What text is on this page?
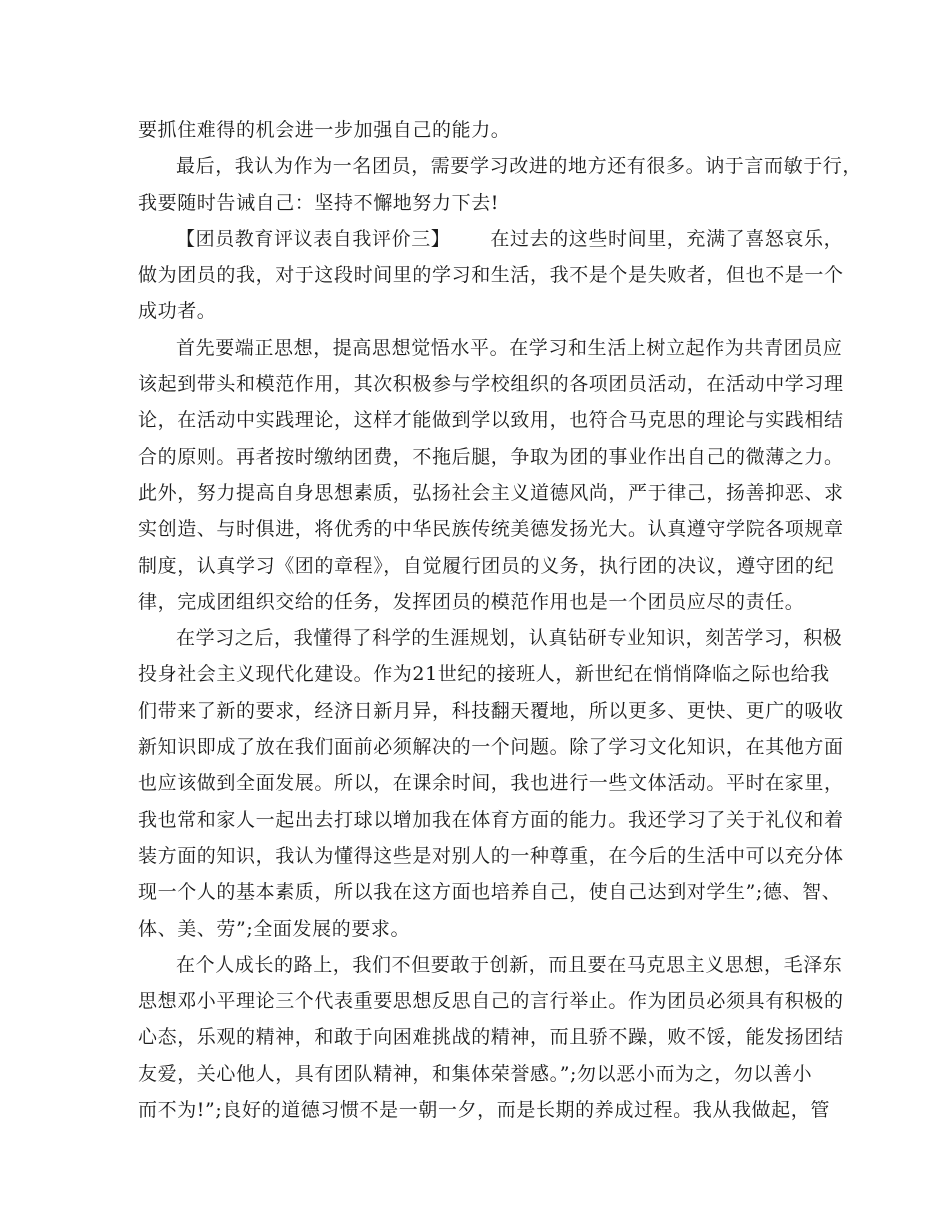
要抓住难得的机会进一步加强自己的能力。
最后，我认为作为一名团员，需要学习改进的地方还有很多。讷于言而敏于行，
我要随时告诫自己：坚持不懈地努力下去!
【团员教育评议表自我评价三】 在过去的这些时间里，充满了喜怒哀乐，
做为团员的我，对于这段时间里的学习和生活，我不是个是失败者，但也不是一个
成功者。
首先要端正思想，提高思想觉悟水平。在学习和生活上树立起作为共青团员应
该起到带头和模范作用，其次积极参与学校组织的各项团员活动，在活动中学习理
论，在活动中实践理论，这样才能做到学以致用，也符合马克思的理论与实践相结
合的原则。再者按时缴纳团费，不拖后腿，争取为团的事业作出自己的微薄之力。
此外，努力提高自身思想素质，弘扬社会主义道德风尚，严于律己，扬善抑恶、求
实创造、与时俱进，将优秀的中华民族传统美德发扬光大。认真遵守学院各项规章
制度，认真学习《团的章程》，自觉履行团员的义务，执行团的决议，遵守团的纪
律，完成团组织交给的任务，发挥团员的模范作用也是一个团员应尽的责任。
在学习之后，我懂得了科学的生涯规划，认真钻研专业知识，刻苦学习，积极
投身社会主义现代化建设。作为21世纪的接班人，新世纪在悄悄降临之际也给我
们带来了新的要求，经济日新月异，科技翻天覆地，所以更多、更快、更广的吸收
新知识即成了放在我们面前必须解决的一个问题。除了学习文化知识，在其他方面
也应该做到全面发展。所以，在课余时间，我也进行一些文体活动。平时在家里，
我也常和家人一起出去打球以增加我在体育方面的能力。我还学习了关于礼仪和着
装方面的知识，我认为懂得这些是对别人的一种尊重，在今后的生活中可以充分体
现一个人的基本素质，所以我在这方面也培养自己，使自己达到对学生”;德、智、
体、美、劳”;全面发展的要求。
在个人成长的路上，我们不但要敢于创新，而且要在马克思主义思想，毛泽东
思想邓小平理论三个代表重要思想反思自己的言行举止。作为团员必须具有积极的
心态，乐观的精神，和敢于向困难挑战的精神，而且骄不躁，败不馁，能发扬团结
友爱，关心他人，具有团队精神，和集体荣誉感。”;勿以恶小而为之，勿以善小
而不为!”;良好的道德习惯不是一朝一夕，而是长期的养成过程。我从我做起，管
